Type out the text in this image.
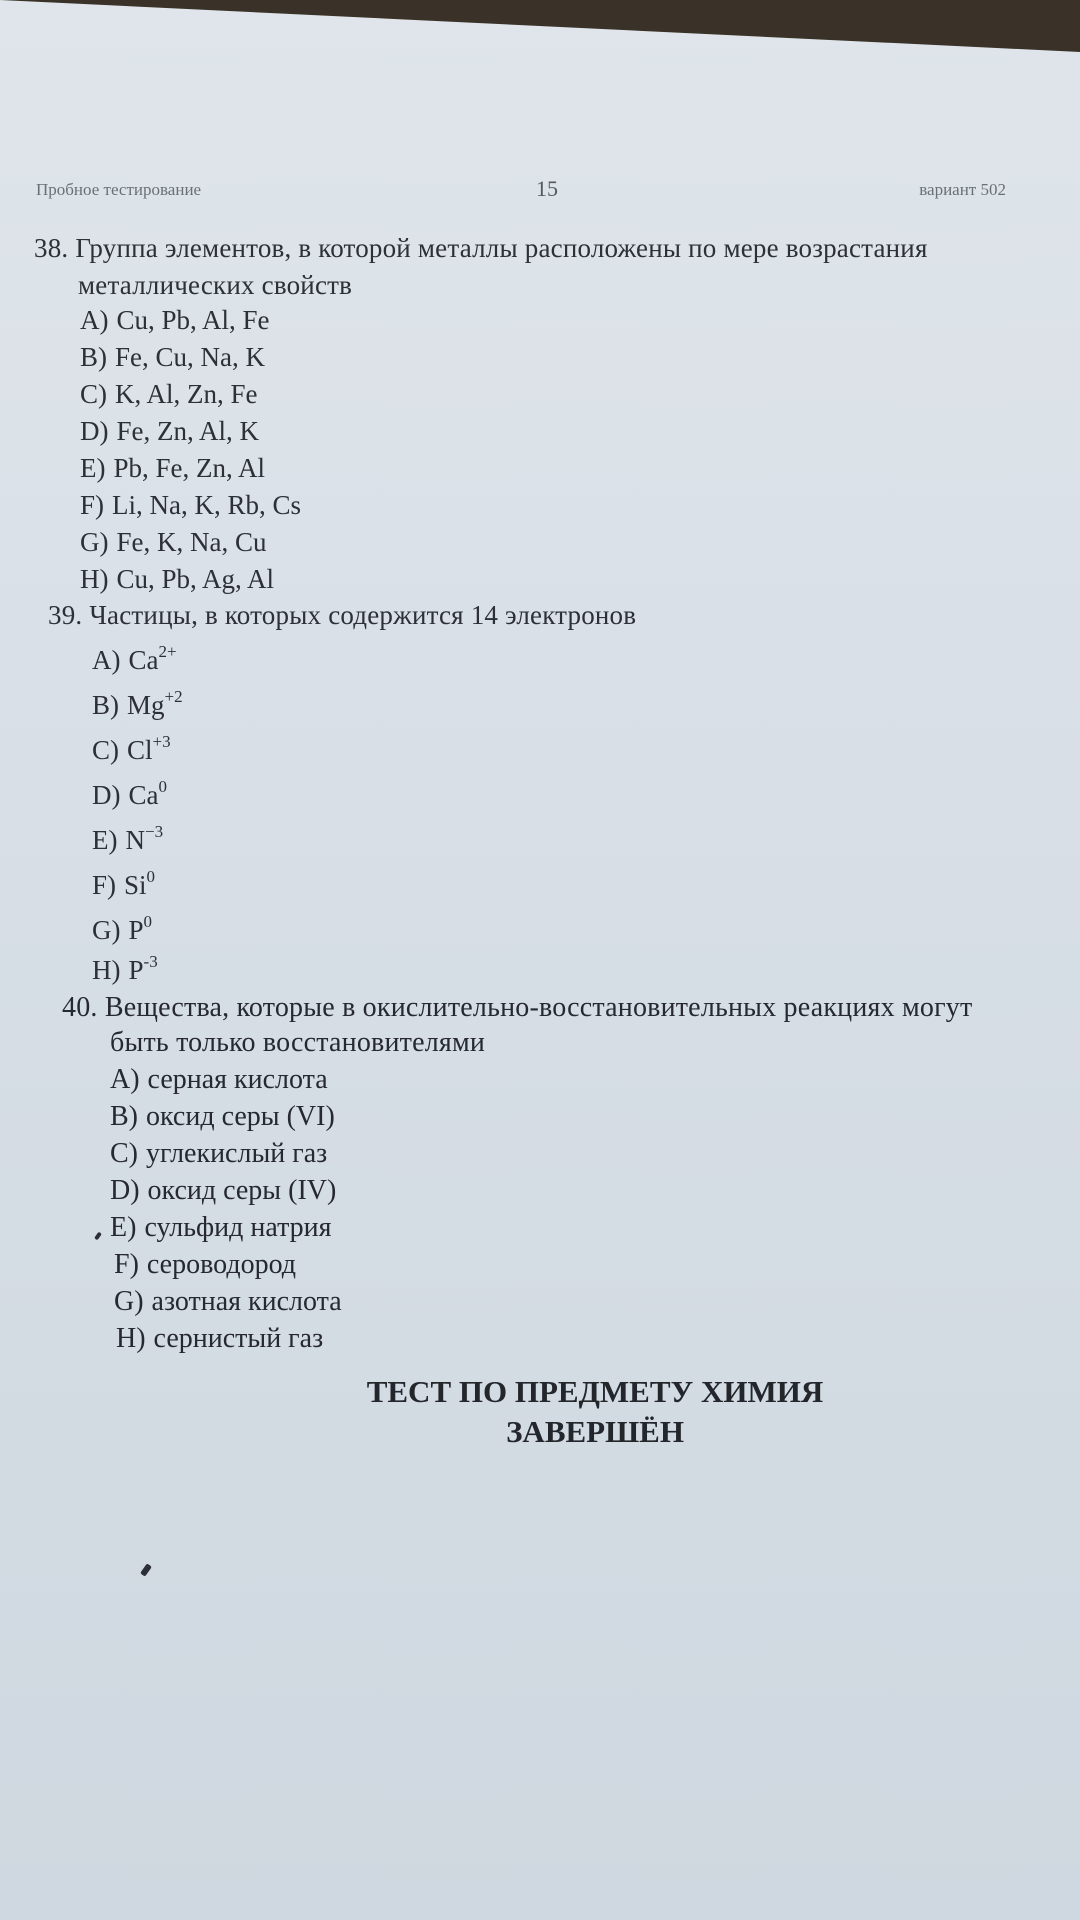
Пробное тестирование	15	вариант 502
38. Группа элементов, в которой металлы расположены по мере возрастания
металлических свойств
A) Cu, Pb, Al, Fe
B) Fe, Cu, Na, K
C) K, Al, Zn, Fe
D) Fe, Zn, Al, K
E) Pb, Fe, Zn, Al
F) Li, Na, K, Rb, Cs
G) Fe, K, Na, Cu
H) Cu, Pb, Ag, Al
39. Частицы, в которых содержится 14 электронов
A) $Ca^{2+}$
B) $Mg^{+2}$
C) $Cl^{+3}$
D) Ca$^0$
E) $N^{-3}$
F) Si$^0$
G) $P^0$
H) $P^{-3}$
40. Вещества, которые в окислительно-восстановительных реакциях могут
быть только восстановителями
A) серная кислота
B) оксид серы (VI)
C) углекислый газ
D) оксид серы (IV)
E) сульфид натрия
F) сероводород
G) азотная кислота
H) сернистый газ
ТЕСТ ПО ПРЕДМЕТУ ХИМИЯ
ЗАВЕРШЁН
